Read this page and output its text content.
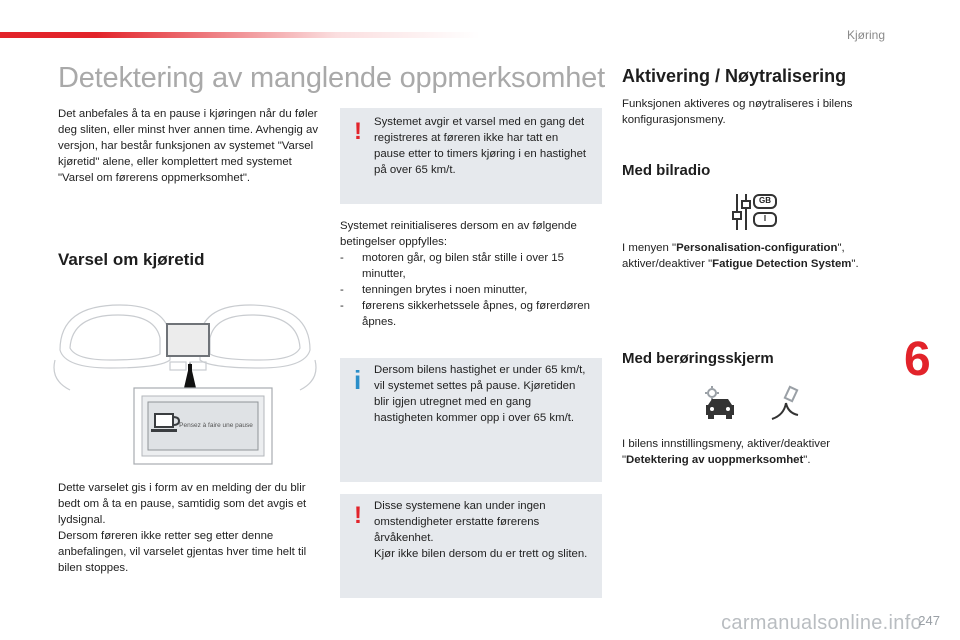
Kjøring
Detektering av manglende oppmerksomhet
Det anbefales å ta en pause i kjøringen når du føler deg sliten, eller minst hver annen time. Avhengig av versjon, har består funksjonen av systemet "Varsel kjøretid" alene, eller komplettert med systemet "Varsel om førerens oppmerksomhet".
Varsel om kjøretid
Pensez à faire une pause
Dette varselet gis i form av en melding der du blir bedt om å ta en pause, samtidig som det avgis et lydsignal.
Dersom føreren ikke retter seg etter denne anbefalingen, vil varselet gjentas hver time helt til bilen stoppes.
! Systemet avgir et varsel med en gang det registreres at føreren ikke har tatt en pause etter to timers kjøring i en hastighet på over 65 km/t.
Systemet reinitialiseres dersom en av følgende betingelser oppfylles:
- motoren går, og bilen står stille i over 15 minutter,
- tenningen brytes i noen minutter,
- førerens sikkerhetssele åpnes, og førerdøren åpnes.
i Dersom bilens hastighet er under 65 km/t, vil systemet settes på pause. Kjøretiden blir igjen utregnet med en gang hastigheten kommer opp i over 65 km/t.
! Disse systemene kan under ingen omstendigheter erstatte førerens årvåkenhet.
Kjør ikke bilen dersom du er trett og sliten.
Aktivering / Nøytralisering
Funksjonen aktiveres og nøytraliseres i bilens konfigurasjonsmeny.
Med bilradio
GB
I
I menyen "Personalisation-configuration", aktiver/deaktiver "Fatigue Detection System".
Med berøringsskjerm
I bilens innstillingsmeny, aktiver/deaktiver "Detektering av uoppmerksomhet".
6
carmanualsonline.info
247
